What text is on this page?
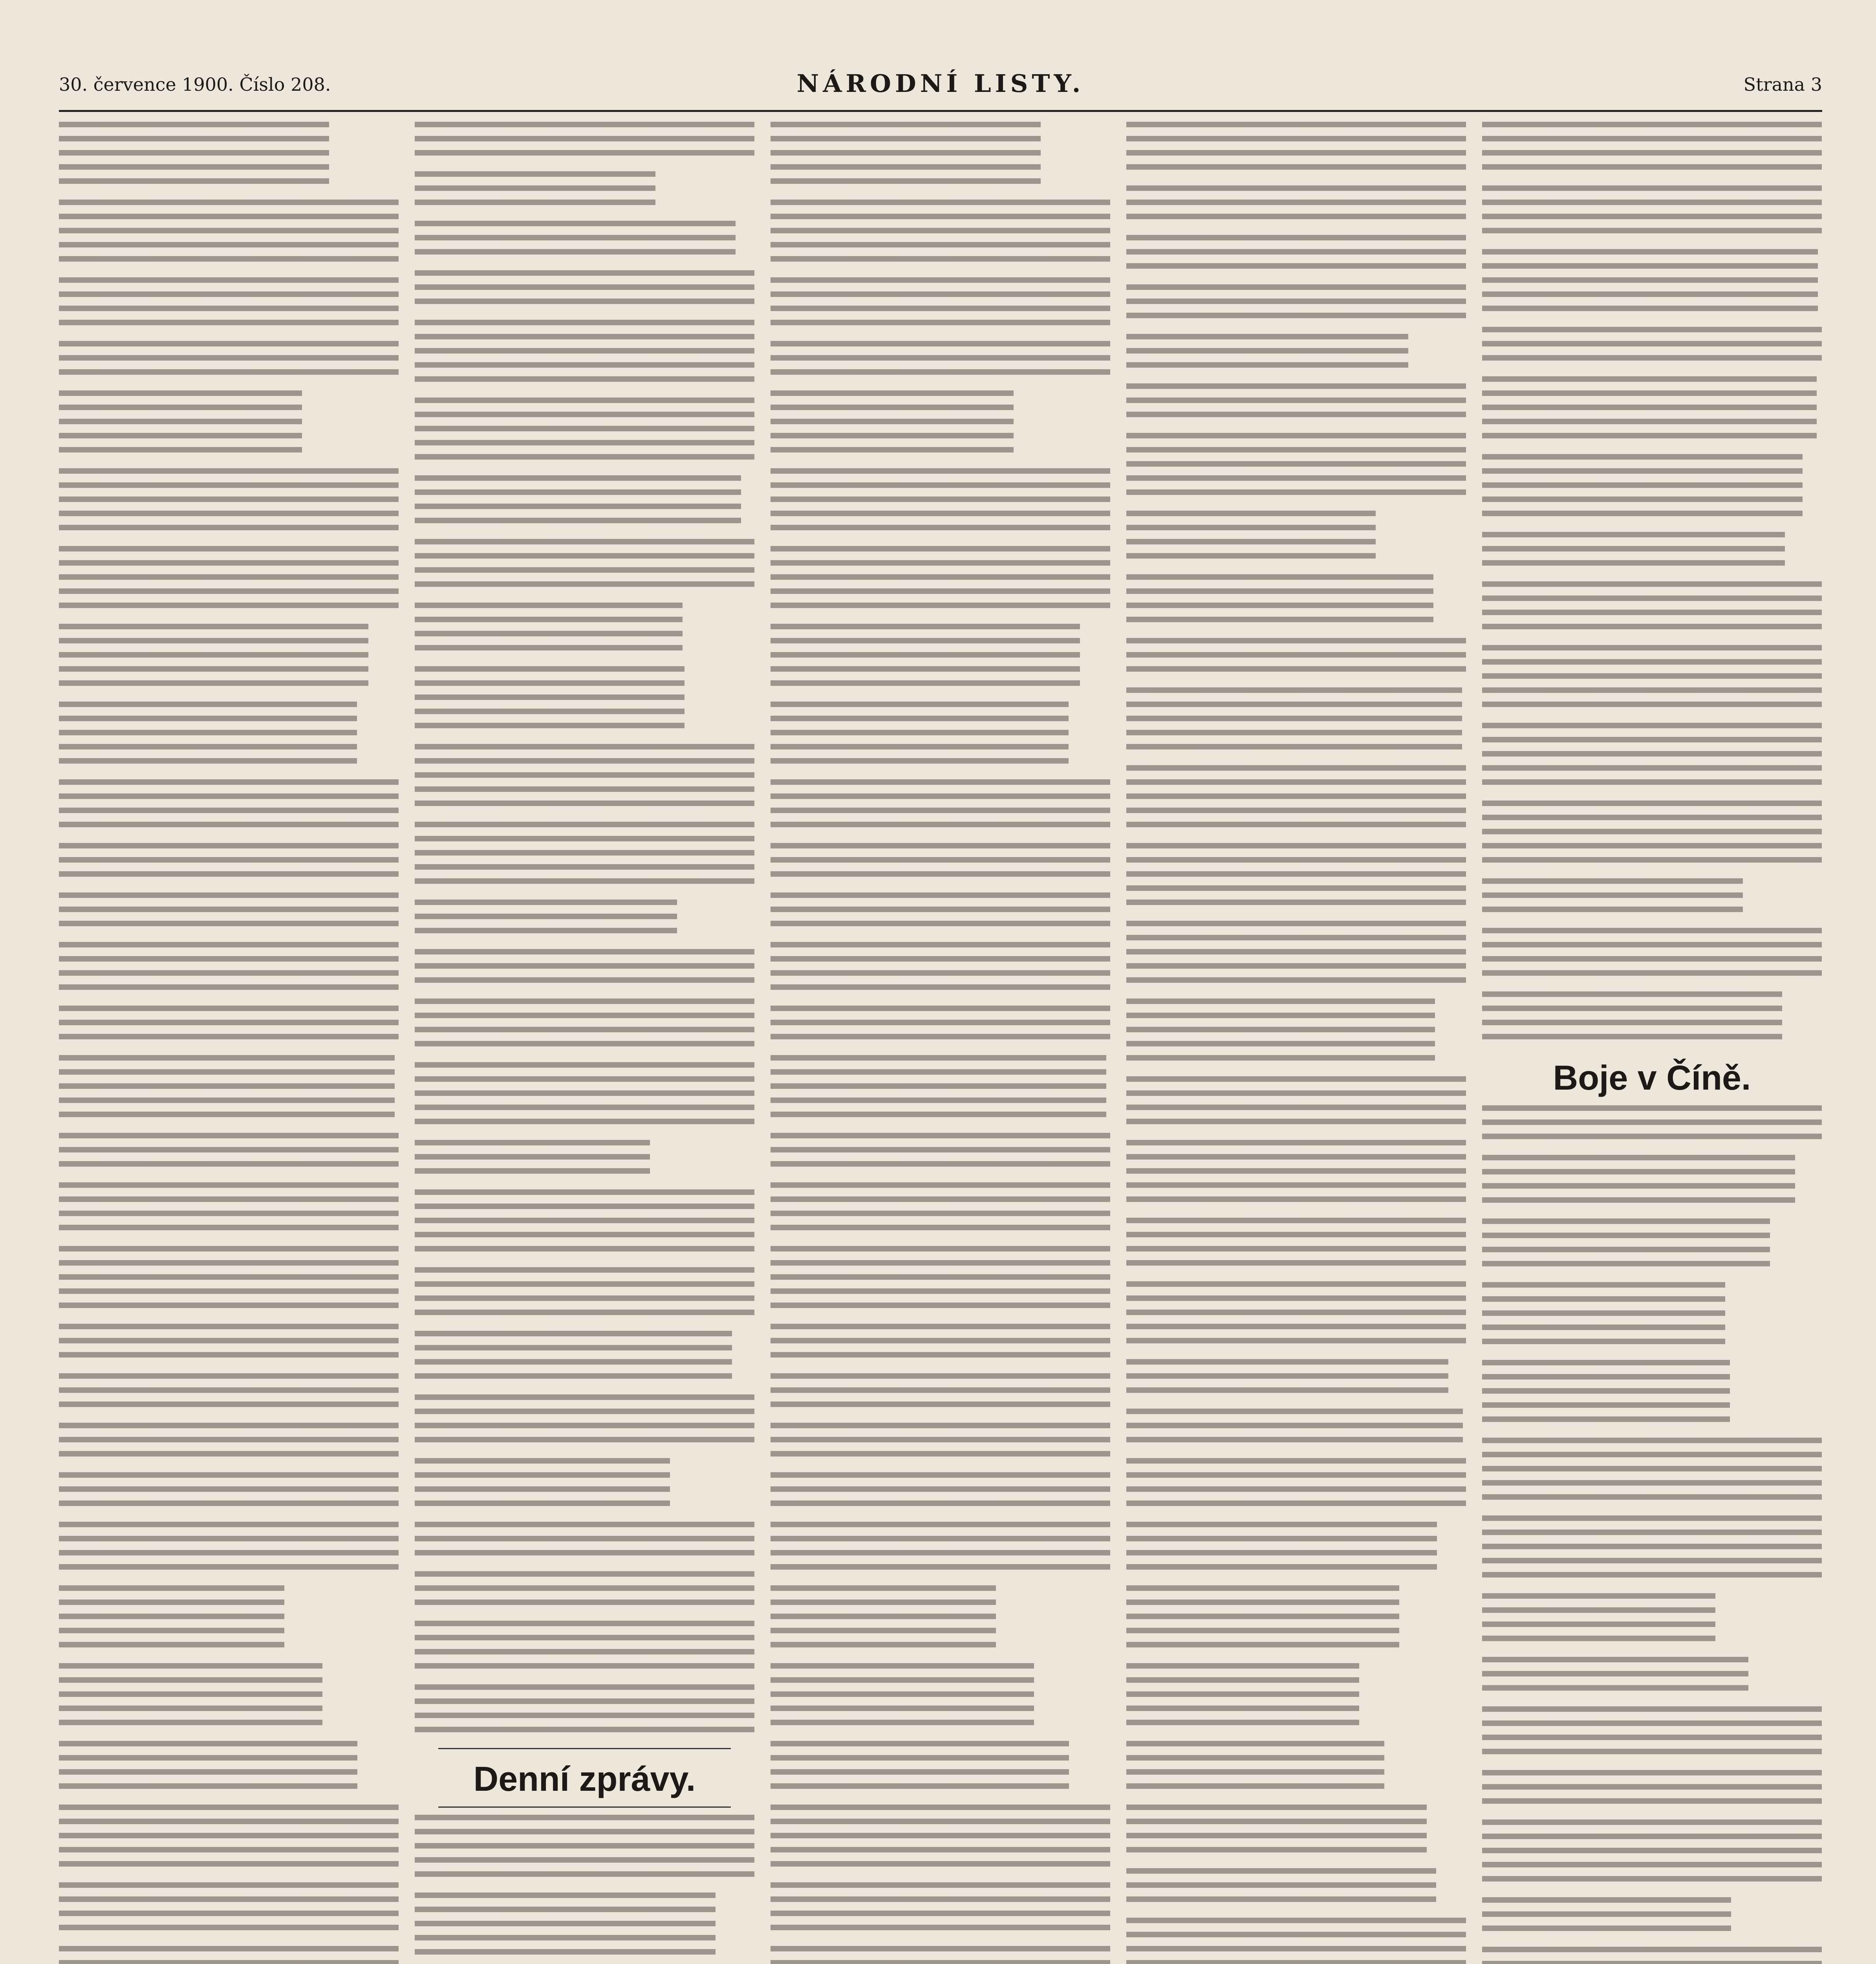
30. července 1900. Číslo 208.	NÁRODNÍ LISTY.	Strana 3
Denní zprávy.
Boje v Číně.
